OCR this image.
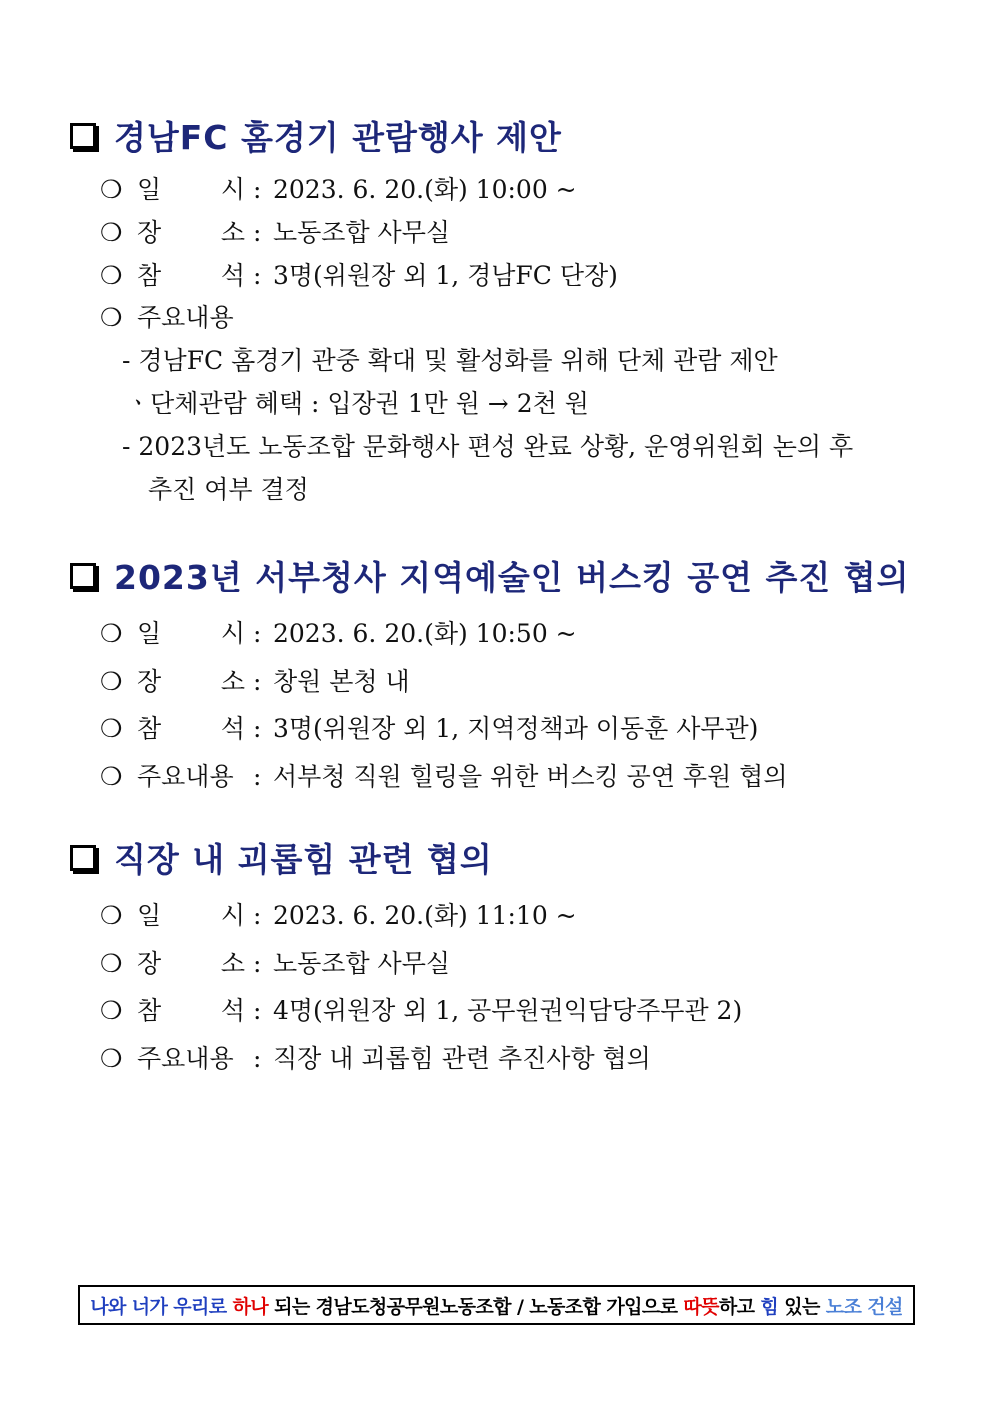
경남FC 홈경기 관람행사 제안
❍ 일 시 : 2023. 6. 20.(화) 10:00 ~
❍ 장 소 : 노동조합 사무실
❍ 참 석 : 3명(위원장 외 1, 경남FC 단장)
❍ 주요내용
- 경남FC 홈경기 관중 확대 및 활성화를 위해 단체 관람 제안
ㆍ단체관람 혜택 : 입장권 1만 원 → 2천 원
- 2023년도 노동조합 문화행사 편성 완료 상황, 운영위원회 논의 후
추진 여부 결정
2023년 서부청사 지역예술인 버스킹 공연 추진 협의
❍ 일 시 : 2023. 6. 20.(화) 10:50 ~
❍ 장 소 : 창원 본청 내
❍ 참 석 : 3명(위원장 외 1, 지역정책과 이동훈 사무관)
❍ 주요내용 : 서부청 직원 힐링을 위한 버스킹 공연 후원 협의
직장 내 괴롭힘 관련 협의
❍ 일 시 : 2023. 6. 20.(화) 11:10 ~
❍ 장 소 : 노동조합 사무실
❍ 참 석 : 4명(위원장 외 1, 공무원권익담당주무관 2)
❍ 주요내용 : 직장 내 괴롭힘 관련 추진사항 협의
나와 너가 우리로 하나 되는 경남도청공무원노동조합 / 노동조합 가입으로 따뜻 하고 힘 있는 노조 건설
